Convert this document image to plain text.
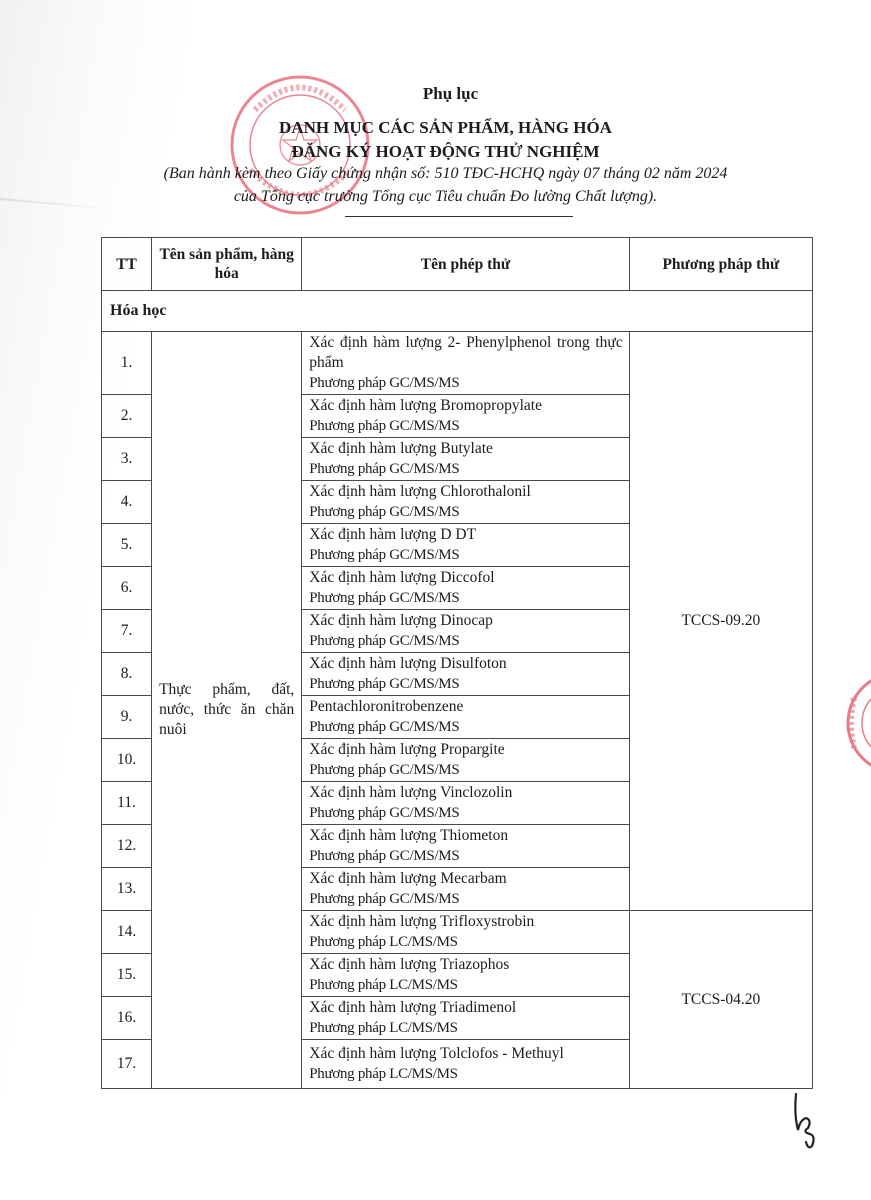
Phụ lục
DANH MỤC CÁC SẢN PHẨM, HÀNG HÓA
ĐĂNG KÝ HOẠT ĐỘNG THỬ NGHIỆM
(Ban hành kèm theo Giấy chứng nhận số: 510 TĐC-HCHQ ngày 07 tháng 02 năm 2024
của Tổng cục trưởng Tổng cục Tiêu chuẩn Đo lường Chất lượng).
TT	Tên sản phẩm, hàng hóa	Tên phép thử	Phương pháp thử
Hóa học			
1.	Thực phẩm, đất, nước, thức ăn chăn nuôi	Xác định hàm lượng 2- Phenylphenol trong thực phẩm
Phương pháp GC/MS/MS	TCCS-09.20
2.		Xác định hàm lượng Bromopropylate
Phương pháp GC/MS/MS	

3.		Xác định hàm lượng Butylate
Phương pháp GC/MS/MS	

4.		Xác định hàm lượng Chlorothalonil
Phương pháp GC/MS/MS	

5.		Xác định hàm lượng D DT
Phương pháp GC/MS/MS	

6.		Xác định hàm lượng Diccofol
Phương pháp GC/MS/MS	

7.		Xác định hàm lượng Dinocap
Phương pháp GC/MS/MS	

8.		Xác định hàm lượng Disulfoton
Phương pháp GC/MS/MS	

9.		Pentachloronitrobenzene
Phương pháp GC/MS/MS	

10.		Xác định hàm lượng Propargite
Phương pháp GC/MS/MS	

11.		Xác định hàm lượng Vinclozolin
Phương pháp GC/MS/MS	

12.		Xác định hàm lượng Thiometon
Phương pháp GC/MS/MS	

13.		Xác định hàm lượng Mecarbam
Phương pháp GC/MS/MS	

14.		Xác định hàm lượng Trifloxystrobin
Phương pháp LC/MS/MS	TCCS-04.20
15.		Xác định hàm lượng Triazophos
Phương pháp LC/MS/MS	

16.		Xác định hàm lượng Triadimenol
Phương pháp LC/MS/MS	

17.		Xác định hàm lượng Tolclofos - Methuyl
Phương pháp LC/MS/MS	
